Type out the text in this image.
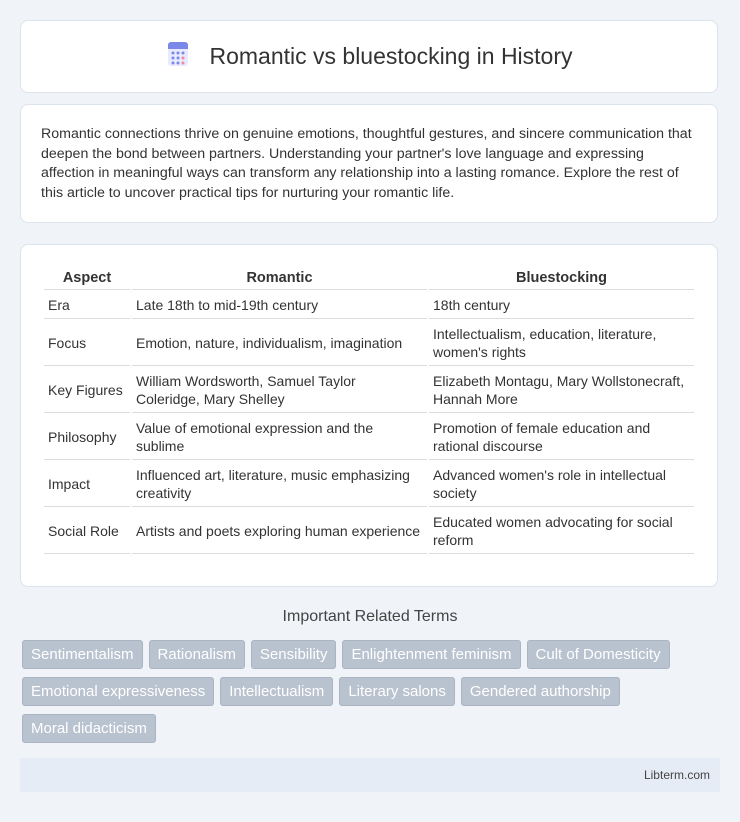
Romantic vs bluestocking in History
Romantic connections thrive on genuine emotions, thoughtful gestures, and sincere communication that deepen the bond between partners. Understanding your partner's love language and expressing affection in meaningful ways can transform any relationship into a lasting romance. Explore the rest of this article to uncover practical tips for nurturing your romantic life.
Aspect	Romantic	Bluestocking
Era	Late 18th to mid-19th century	18th century
Focus	Emotion, nature, individualism, imagination	Intellectualism, education, literature, women's rights
Key Figures	William Wordsworth, Samuel Taylor Coleridge, Mary Shelley	Elizabeth Montagu, Mary Wollstonecraft, Hannah More
Philosophy	Value of emotional expression and the sublime	Promotion of female education and rational discourse
Impact	Influenced art, literature, music emphasizing creativity	Advanced women's role in intellectual society
Social Role	Artists and poets exploring human experience	Educated women advocating for social reform
Important Related Terms
Sentimentalism	Rationalism	Sensibility	Enlightenment feminism	Cult of Domesticity
Emotional expressiveness	Intellectualism	Literary salons	Gendered authorship
Moral didacticism
Libterm.com
